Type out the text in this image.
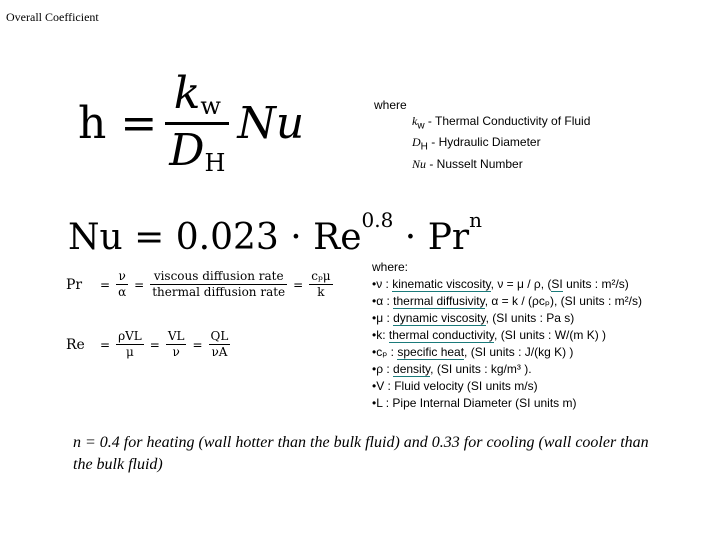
Overall Coefficient
$h = \frac{k_w}{D_H}$ Nu
$Nu = 0.023 \cdot Re^{0.8} \cdot Pr^n$
Pr	=
ν
α
=
viscous diffusion rate
thermal diffusion rate
=
cₚμ
k
Re	=
ρVL
μ
=
VL
ν
=
QL
νA
where
$k_w$ - Thermal Conductivity of Fluid
$D_H$ - Hydraulic Diameter
Nu - Nusselt Number
where:
•ν : kinematic viscosity, ν = μ / ρ, (SI units : m²/s)
•α : thermal diffusivity, α = k / (ρcₚ), (SI units : m²/s)
•μ : dynamic viscosity, (SI units : Pa s)
•k: thermal conductivity, (SI units : W/(m K) )
•cₚ : specific heat, (SI units : J/(kg K) )
•ρ : density, (SI units : kg/m³ ).
•V : Fluid velocity (SI units m/s)
•L : Pipe Internal Diameter (SI units m)
n = 0.4 for heating (wall hotter than the bulk fluid) and 0.33 for cooling (wall cooler than the bulk fluid)
